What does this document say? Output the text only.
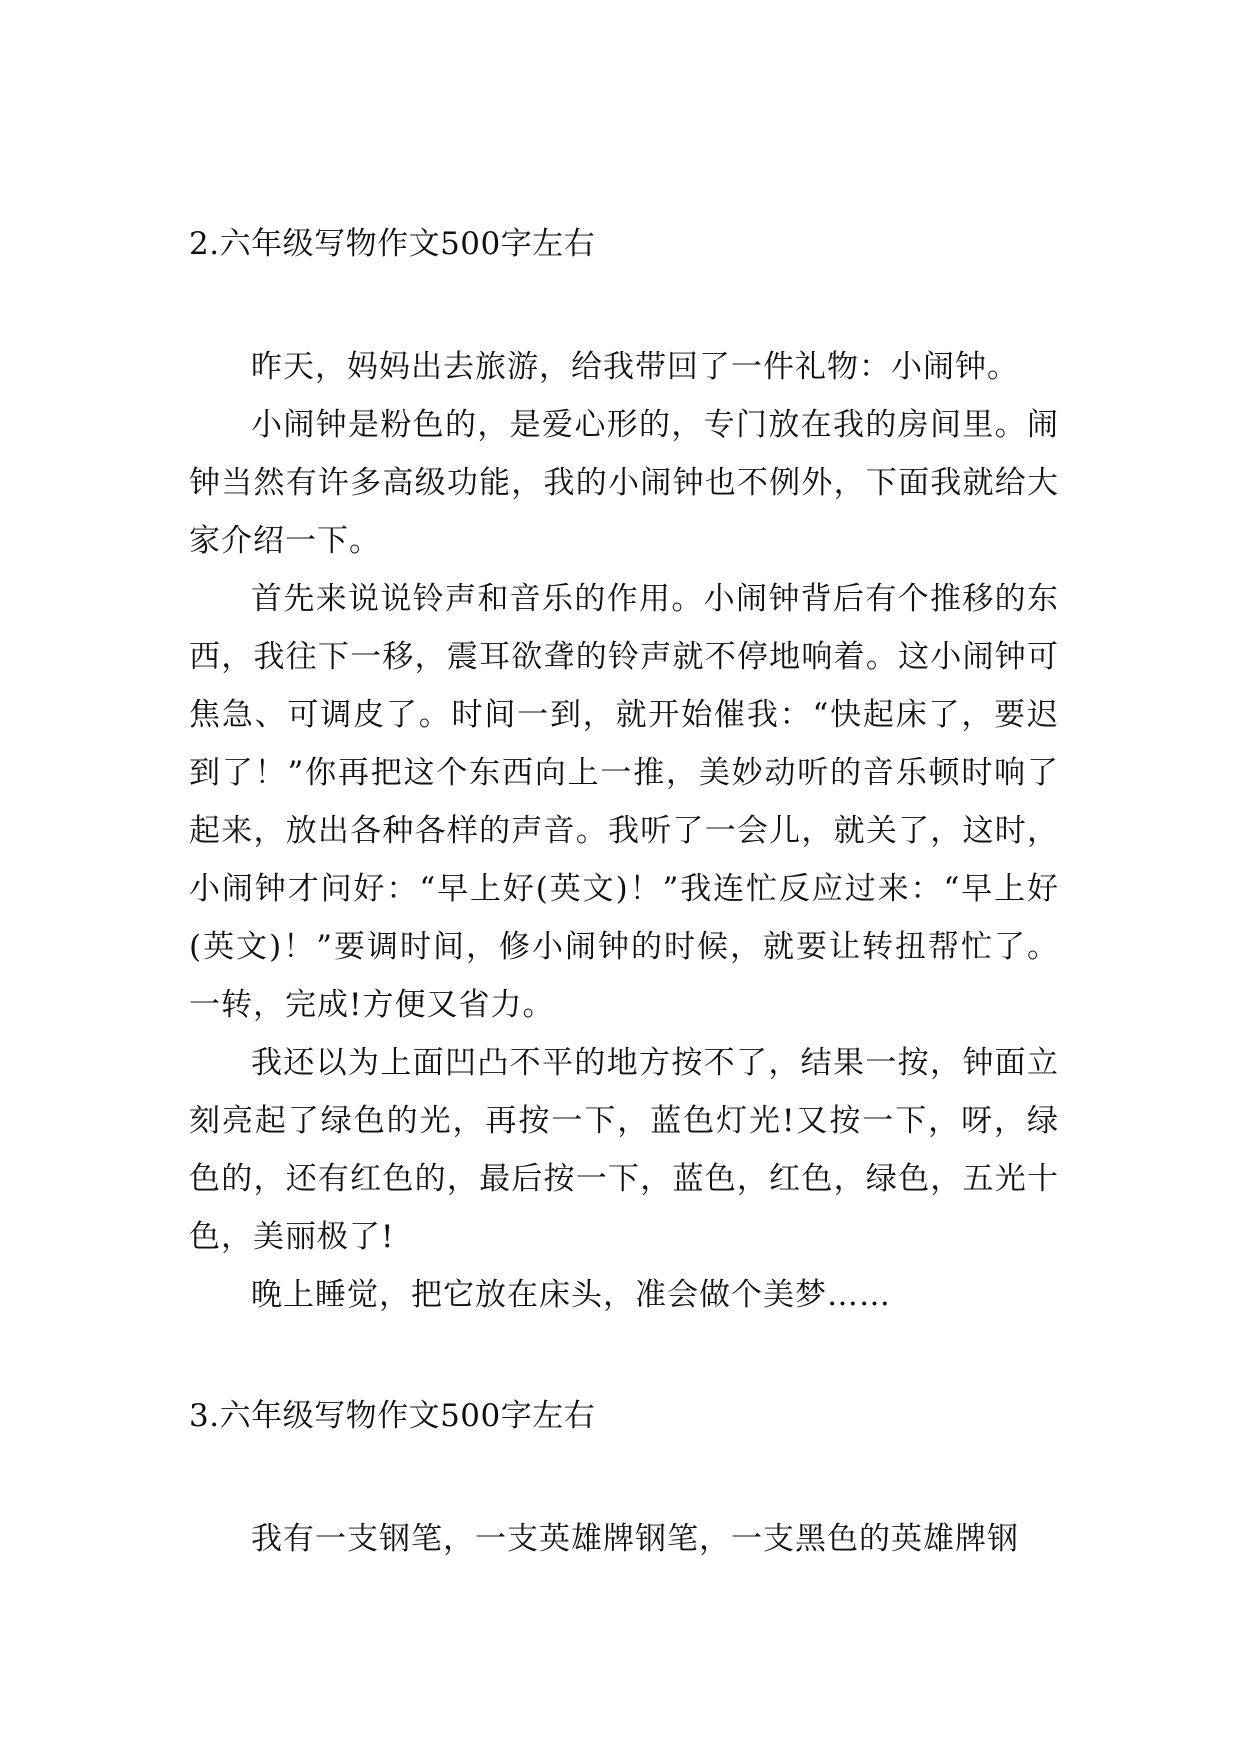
2.六年级写物作文500字左右

昨天，妈妈出去旅游，给我带回了一件礼物：小闹钟。

小闹钟是粉色的，是爱心形的，专门放在我的房间里。闹钟当然有许多高级功能，我的小闹钟也不例外，下面我就给大家介绍一下。

首先来说说铃声和音乐的作用。小闹钟背后有个推移的东西，我往下一移，震耳欲聋的铃声就不停地响着。这小闹钟可焦急、可调皮了。时间一到，就开始催我：“快起床了，要迟到了！”你再把这个东西向上一推，美妙动听的音乐顿时响了起来，放出各种各样的声音。我听了一会儿，就关了，这时，小闹钟才问好：“早上好(英文)！”我连忙反应过来：“早上好(英文)！”要调时间，修小闹钟的时候，就要让转扭帮忙了。一转，完成!方便又省力。

我还以为上面凹凸不平的地方按不了，结果一按，钟面立刻亮起了绿色的光，再按一下，蓝色灯光!又按一下，呀，绿色的，还有红色的，最后按一下，蓝色，红色，绿色，五光十色，美丽极了!

晚上睡觉，把它放在床头，准会做个美梦……

3.六年级写物作文500字左右

我有一支钢笔，一支英雄牌钢笔，一支黑色的英雄牌钢
